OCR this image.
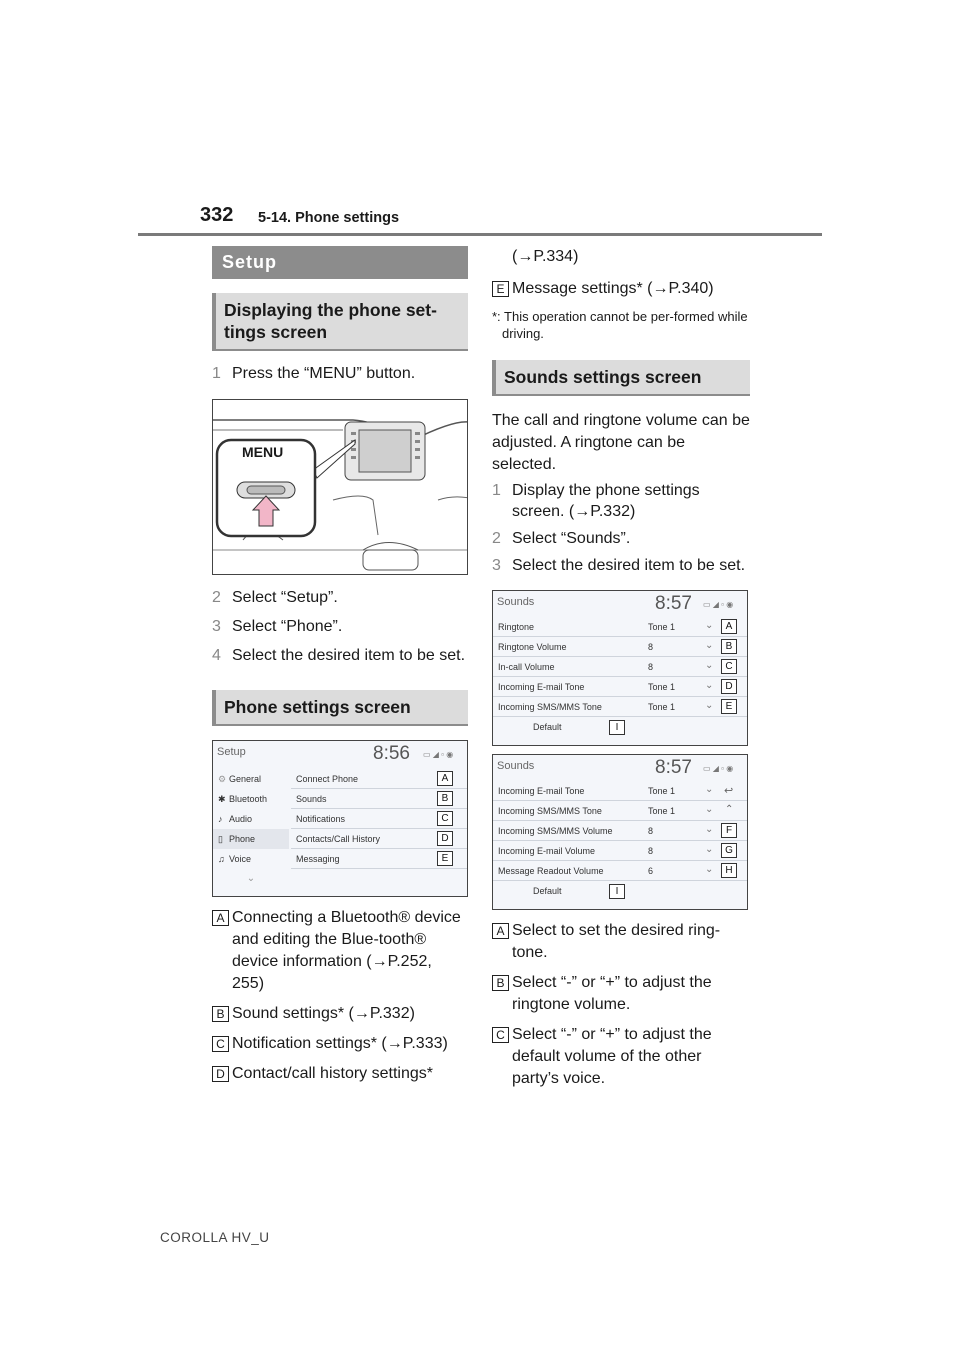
332 5-14. Phone settings
Setup
Displaying the phone set-
tings screen
1 Press the “MENU” button.
MENU
2 Select “Setup”.
3 Select “Phone”.
4 Select the desired item to be set.
Phone settings screen
Setup	8:56 ▭ ◢ ▫ ◉
⚙ General
✱ Bluetooth
♪ Audio
▯ Phone
♫ Voice
⌄
Connect Phone	A
Sounds	B
Notifications	C
Contacts/Call History	D
Messaging	E
A Connecting a Bluetooth® device and editing the Blue-tooth® device information (→P.252, 255)
B Sound settings* (→P.332)
C Notification settings* (→P.333)
D Contact/call history settings*
(→P.334)
E Message settings* (→P.340)
*: This operation cannot be per-formed while driving.
Sounds settings screen
The call and ringtone volume can be adjusted. A ringtone can be selected.
1 Display the phone settings screen. (→P.332)
2 Select “Sounds”.
3 Select the desired item to be set.
Sounds	8:57 ▭ ◢ ▫ ◉
Ringtone	Tone 1	⌄	A
Ringtone Volume	8	⌄	B
In-call Volume	8	⌄	C
Incoming E-mail Tone	Tone 1	⌄	D
Incoming SMS/MMS Tone	Tone 1	⌄	E
Default	I
Sounds	8:57 ▭ ◢ ▫ ◉
Incoming E-mail Tone	Tone 1	⌄ ↩
Incoming SMS/MMS Tone	Tone 1	⌄ ⌃
Incoming SMS/MMS Volume	8	⌄	F
Incoming E-mail Volume	8	⌄	G
Message Readout Volume	6	⌄	H
Default	I
A Select to set the desired ring-tone.
B Select “-” or “+” to adjust the ringtone volume.
C Select “-” or “+” to adjust the default volume of the other party’s voice.
COROLLA HV_U
